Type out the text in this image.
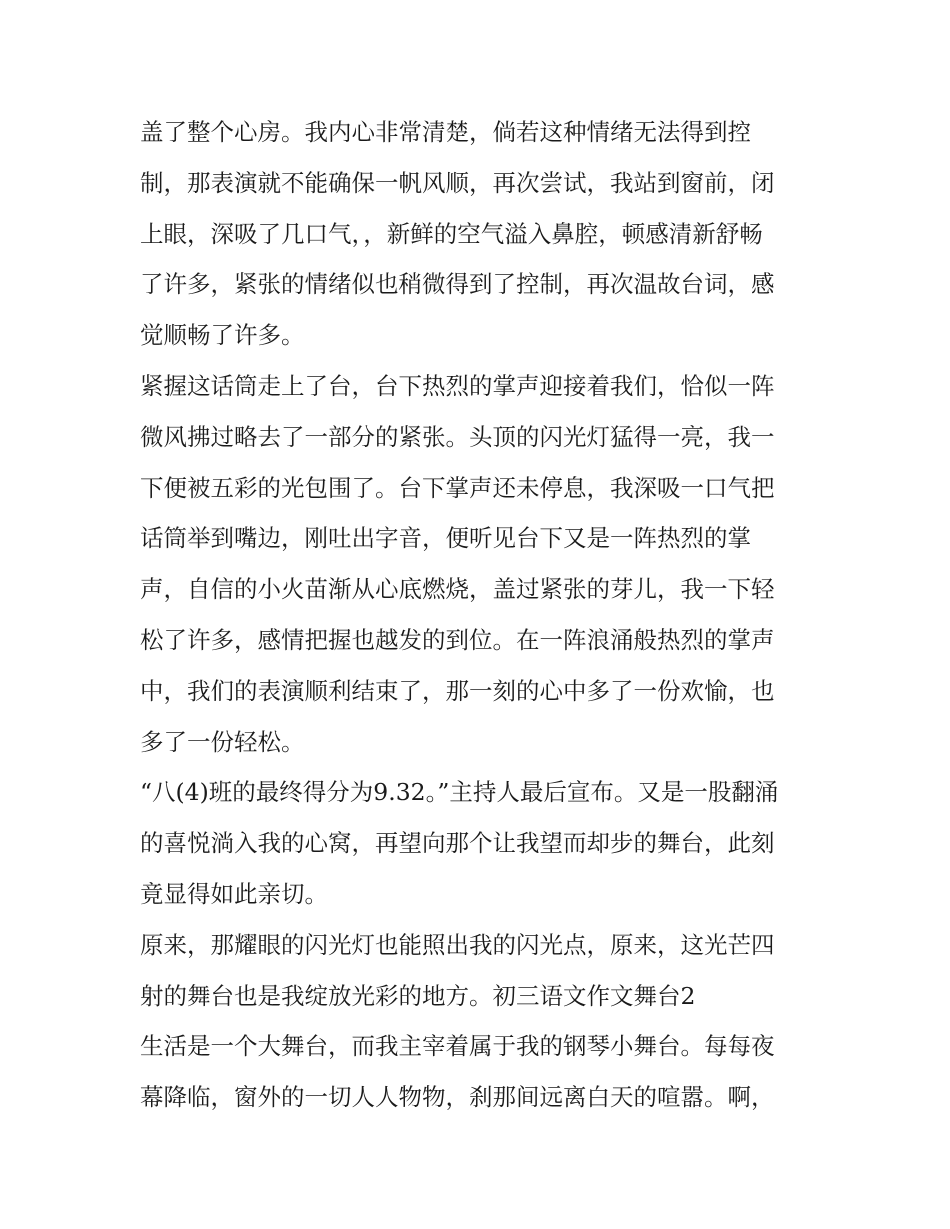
盖了整个心房。我内心非常清楚，倘若这种情绪无法得到控
制，那表演就不能确保一帆风顺，再次尝试，我站到窗前，闭
上眼，深吸了几口气，，新鲜的空气溢入鼻腔，顿感清新舒畅
了许多，紧张的情绪似也稍微得到了控制，再次温故台词，感
觉顺畅了许多。

紧握这话筒走上了台，台下热烈的掌声迎接着我们，恰似一阵
微风拂过略去了一部分的紧张。头顶的闪光灯猛得一亮，我一
下便被五彩的光包围了。台下掌声还未停息，我深吸一口气把
话筒举到嘴边，刚吐出字音，便听见台下又是一阵热烈的掌
声，自信的小火苗渐从心底燃烧，盖过紧张的芽儿，我一下轻
松了许多，感情把握也越发的到位。在一阵浪涌般热烈的掌声
中，我们的表演顺利结束了，那一刻的心中多了一份欢愉，也
多了一份轻松。

“八(4)班的最终得分为9.32。”主持人最后宣布。又是一股翻涌
的喜悦淌入我的心窝，再望向那个让我望而却步的舞台，此刻
竟显得如此亲切。

原来，那耀眼的闪光灯也能照出我的闪光点，原来，这光芒四
射的舞台也是我绽放光彩的地方。初三语文作文舞台2

生活是一个大舞台，而我主宰着属于我的钢琴小舞台。每每夜
幕降临，窗外的一切人人物物，刹那间远离白天的喧嚣。啊，
